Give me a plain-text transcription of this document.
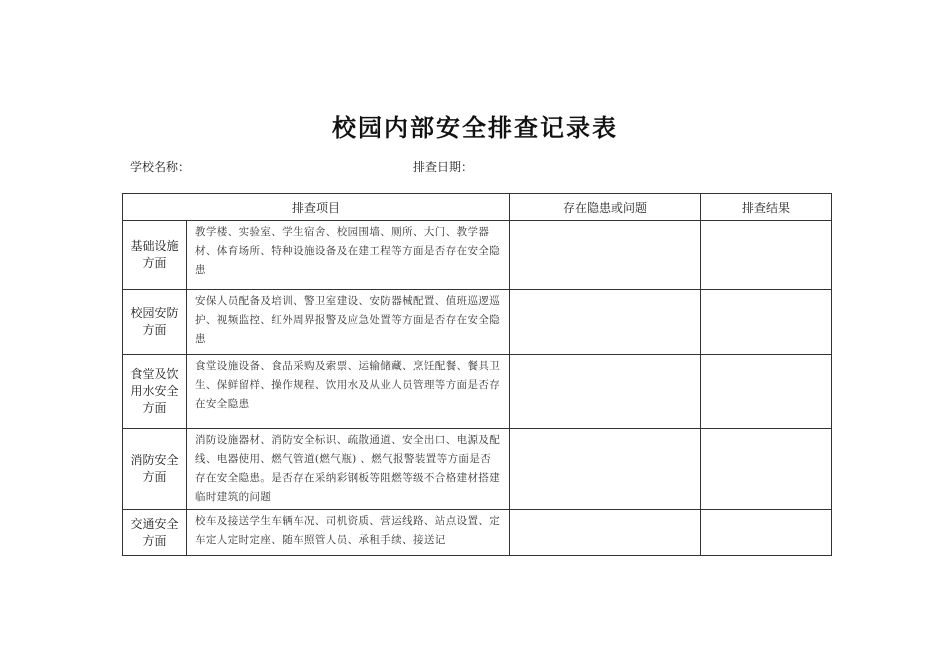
校园内部安全排查记录表
学校名称：	排查日期：
排查项目		存在隐患或问题	排查结果
基础设施方面	教学楼、实验室、学生宿舍、校园围墙、厕所、大门、教学器材、体育场所、特种设施设备及在建工程等方面是否存在安全隐患		
校园安防方面	安保人员配备及培训、警卫室建设、安防器械配置、值班巡逻巡护、视频监控、红外周界报警及应急处置等方面是否存在安全隐患		
食堂及饮用水安全方面	食堂设施设备、食品采购及索票、运输储藏、烹饪配餐、餐具卫生、保鲜留样、操作规程、饮用水及从业人员管理等方面是否存在安全隐患		
消防安全方面	消防设施器材、消防安全标识、疏散通道、安全出口、电源及配线、电器使用、燃气管道(燃气瓶) 、燃气报警装置等方面是否存在安全隐患。是否存在采纳彩钢板等阻燃等级不合格建材搭建临时建筑的问题		
交通安全方面	校车及接送学生车辆车况、司机资质、营运线路、站点设置、定车定人定时定座、随车照管人员、承租手续、接送记		
